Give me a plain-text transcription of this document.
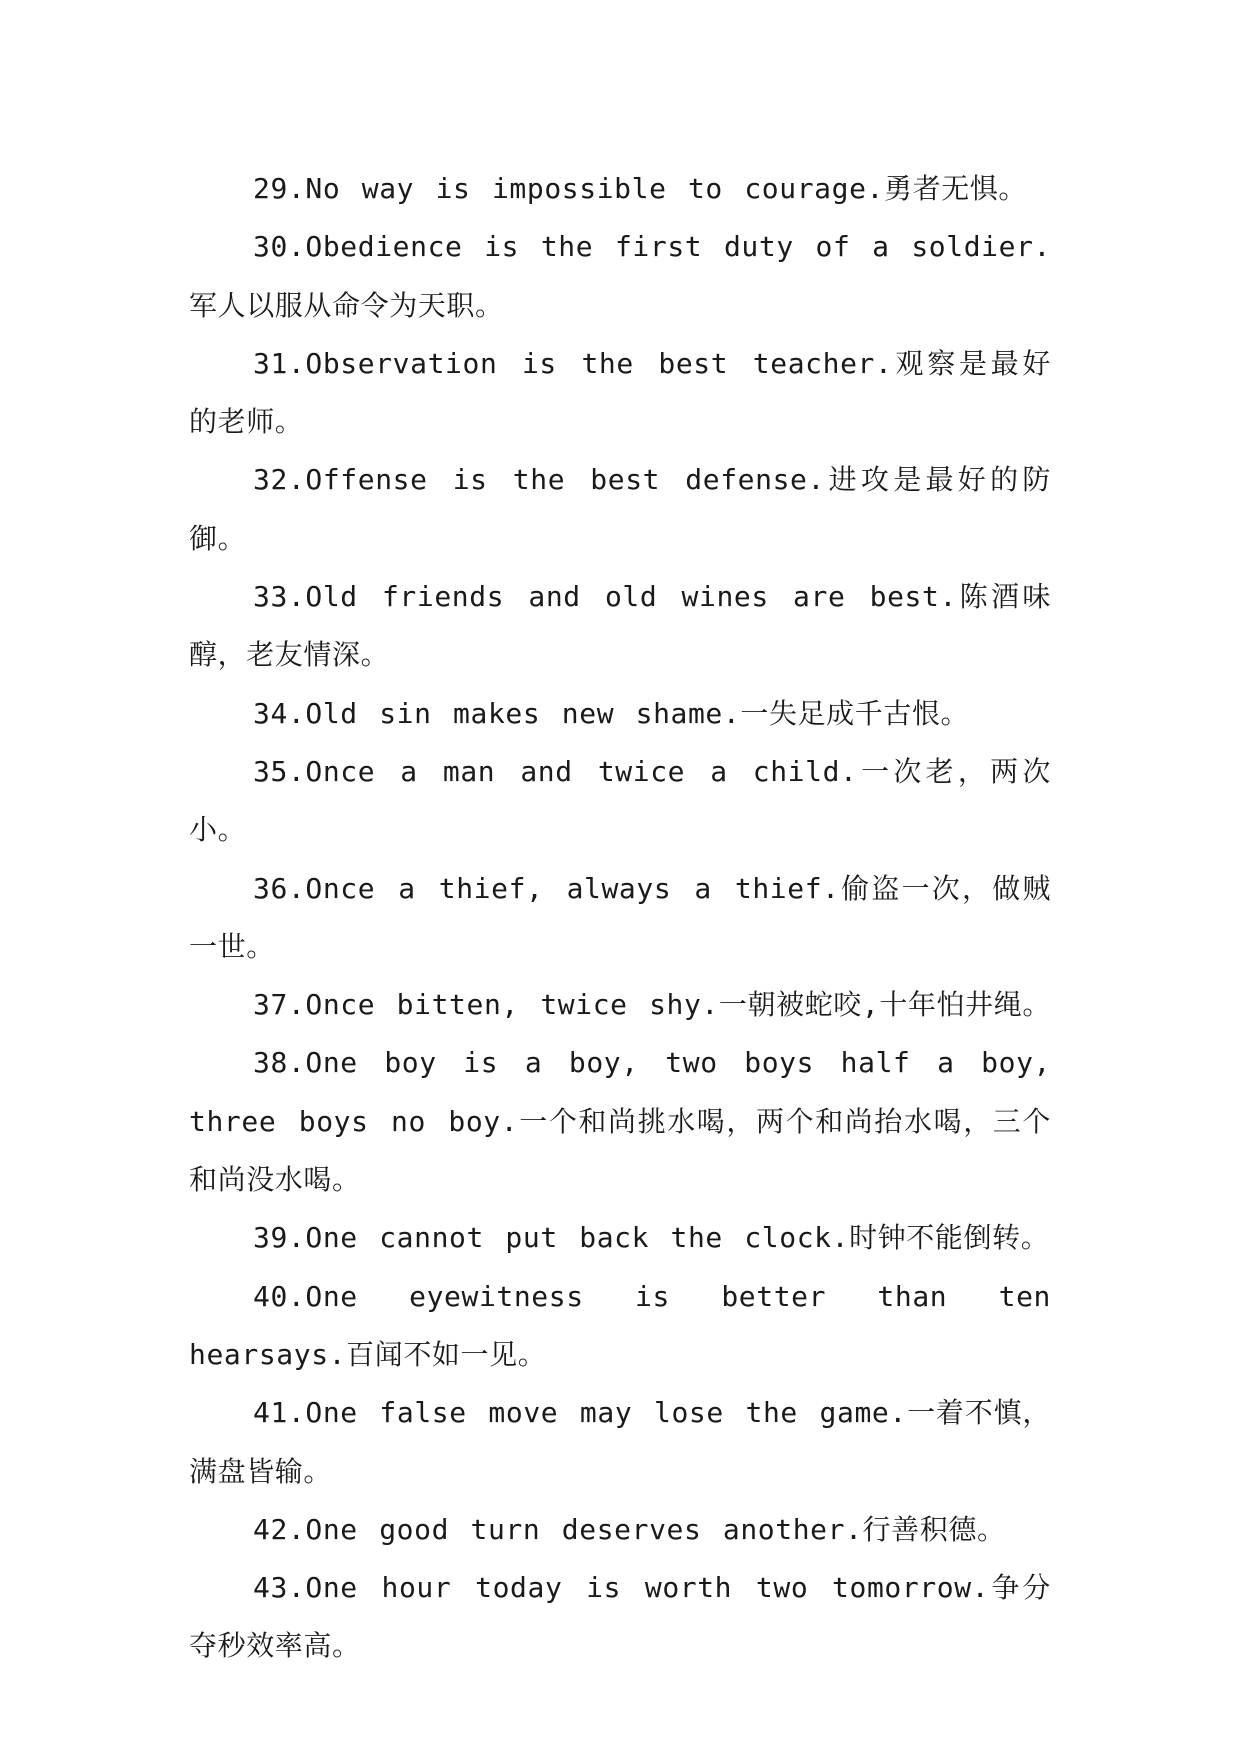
29.No way is impossible to courage.勇者无惧。

30.Obedience is the first duty of a soldier.军人以服从命令为天职。

31.Observation is the best teacher.观察是最好的老师。

32.Offense is the best defense.进攻是最好的防御。

33.Old friends and old wines are best.陈酒味醇，老友情深。

34.Old sin makes new shame.一失足成千古恨。

35.Once a man and twice a child.一次老，两次小。

36.Once a thief, always a thief.偷盗一次，做贼一世。

37.Once bitten, twice shy.一朝被蛇咬,十年怕井绳。

38.One boy is a boy, two boys half a boy, three boys no boy.一个和尚挑水喝，两个和尚抬水喝，三个和尚没水喝。

39.One cannot put back the clock.时钟不能倒转。

40.One eyewitness is better than ten hearsays.百闻不如一见。

41.One false move may lose the game.一着不慎，满盘皆输。

42.One good turn deserves another.行善积德。

43.One hour today is worth two tomorrow.争分夺秒效率高。
